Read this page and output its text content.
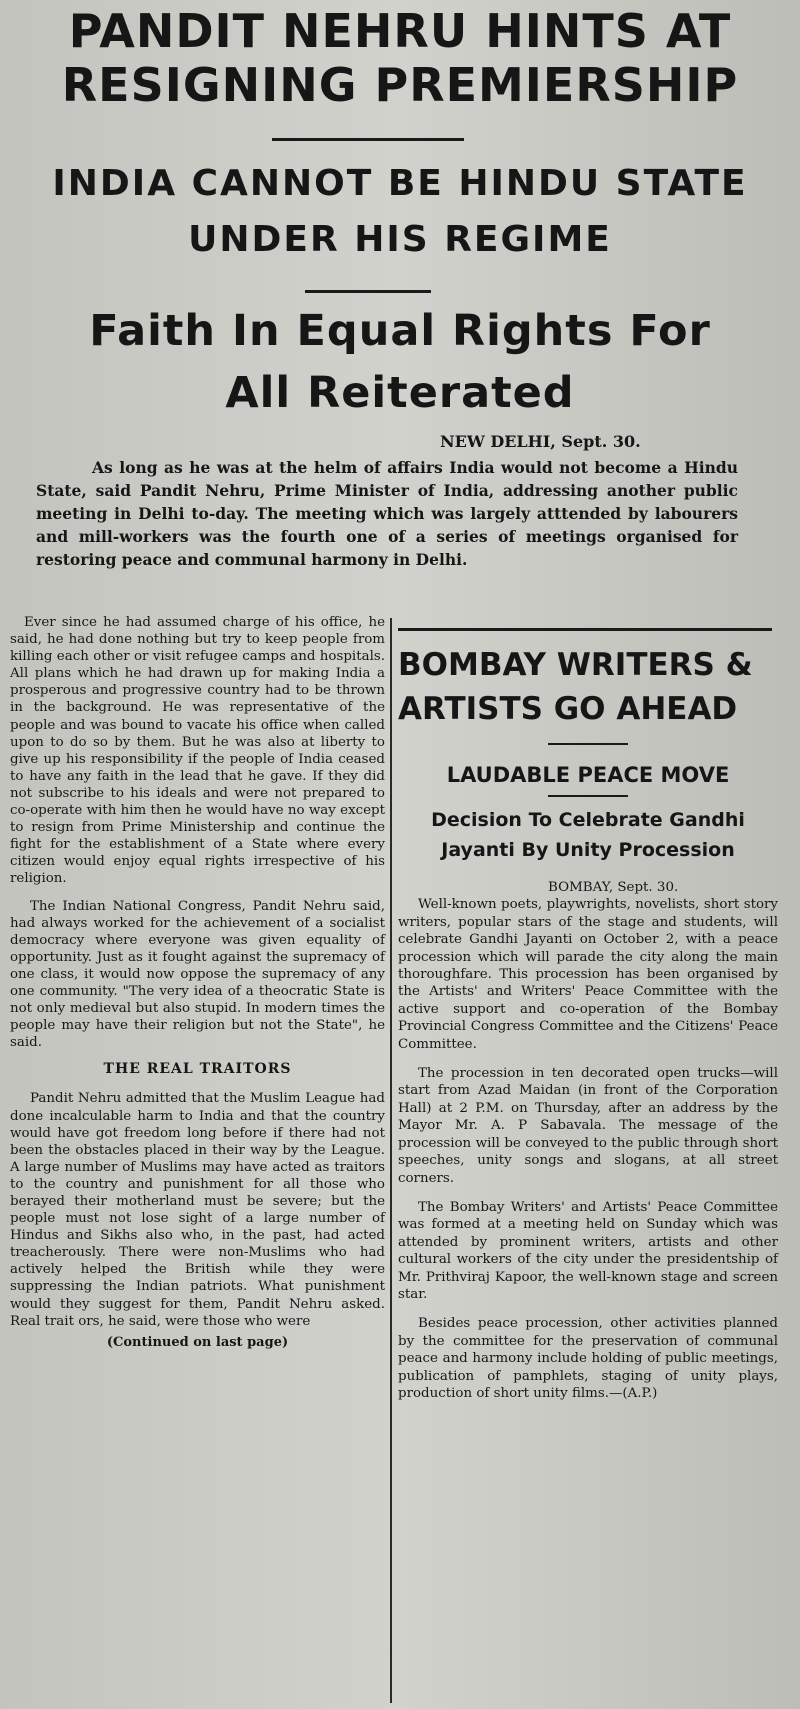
PANDIT NEHRU HINTS AT
RESIGNING PREMIERSHIP
INDIA CANNOT BE HINDU STATE
UNDER HIS REGIME
Faith In Equal Rights For
All Reiterated

NEW DELHI, Sept. 30.

As long as he was at the helm of affairs India would not become a Hindu State, said Pandit Nehru, Prime Minister of India, addressing another public meeting in Delhi to-day. The meeting which was largely atttended by labourers and mill-workers was the fourth one of a series of meetings organised for restoring peace and communal harmony in Delhi.

Ever since he had assumed charge of his office, he said, he had done nothing but try to keep people from killing each other or visit refugee camps and hospitals. All plans which he had drawn up for making India a prosperous and progressive country had to be thrown in the background. He was representative of the people and was bound to vacate his office when called upon to do so by them. But he was also at liberty to give up his responsibility if the people of India ceased to have any faith in the lead that he gave. If they did not subscribe to his ideals and were not prepared to co-operate with him then he would have no way except to resign from Prime Ministership and continue the fight for the establishment of a State where every citizen would enjoy equal rights irrespective of his religion.

The Indian National Congress, Pandit Nehru said, had always worked for the achievement of a socialist democracy where everyone was given equality of opportunity. Just as it fought against the supremacy of one class, it would now oppose the supremacy of any one community. "The very idea of a theocratic State is not only medieval but also stupid. In modern times the people may have their religion but not the State", he said.

THE REAL TRAITORS

Pandit Nehru admitted that the Muslim League had done incalculable harm to India and that the country would have got freedom long before if there had not been the obstacles placed in their way by the League. A large number of Muslims may have acted as traitors to the country and punishment for all those who berayed their motherland must be severe; but the people must not lose sight of a large number of Hindus and Sikhs also who, in the past, had acted treacherously. There were non-Muslims who had actively helped the British while they were suppressing the Indian patriots. What punishment would they suggest for them, Pandit Nehru asked. Real trait ors, he said, were those who were

(Continued on last page)
BOMBAY WRITERS &
ARTISTS GO AHEAD
LAUDABLE PEACE MOVE
Decision To Celebrate Gandhi
Jayanti By Unity Procession

BOMBAY, Sept. 30.

Well-known poets, playwrights, novelists, short story writers, popular stars of the stage and students, will celebrate Gandhi Jayanti on October 2, with a peace procession which will parade the city along the main thoroughfare. This procession has been organised by the Artists' and Writers' Peace Committee with the active support and co-operation of the Bombay Provincial Congress Committee and the Citizens' Peace Committee.

The procession in ten decorated open trucks—will start from Azad Maidan (in front of the Corporation Hall) at 2 P.M. on Thursday, after an address by the Mayor Mr. A. P Sabavala. The message of the procession will be conveyed to the public through short speeches, unity songs and slogans, at all street corners.

The Bombay Writers' and Artists' Peace Committee was formed at a meeting held on Sunday which was attended by prominent writers, artists and other cultural workers of the city under the presidentship of Mr. Prithviraj Kapoor, the well-known stage and screen star.

Besides peace procession, other activities planned by the committee for the preservation of communal peace and harmony include holding of public meetings, publication of pamphlets, staging of unity plays, production of short unity films.—(A.P.)
